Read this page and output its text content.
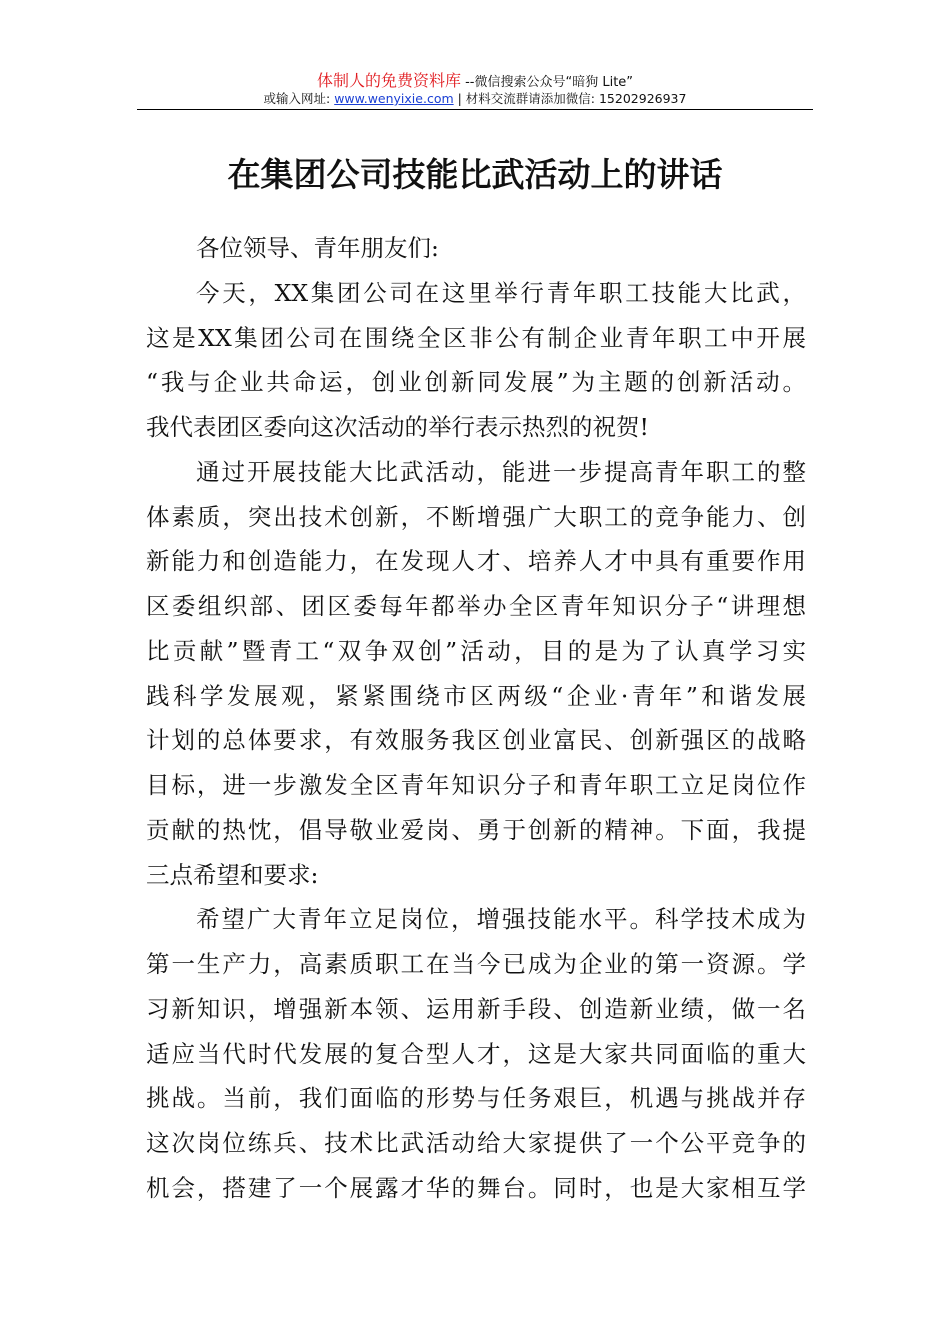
体制人的免费资料库 --微信搜索公众号“暗狗 Lite”
或输入网址: www.wenyixie.com | 材料交流群请添加微信: 15202926937
在集团公司技能比武活动上的讲话
各位领导、青年朋友们:
今天，XX集团公司在这里举行青年职工技能大比武，
这是XX集团公司在围绕全区非公有制企业青年职工中开展
“我与企业共命运，创业创新同发展”为主题的创新活动。
我代表团区委向这次活动的举行表示热烈的祝贺!
通过开展技能大比武活动，能进一步提高青年职工的整
体素质，突出技术创新，不断增强广大职工的竞争能力、创
新能力和创造能力，在发现人才、培养人才中具有重要作用
区委组织部、团区委每年都举办全区青年知识分子“讲理想
比贡献”暨青工“双争双创”活动，目的是为了认真学习实
践科学发展观，紧紧围绕市区两级“企业·青年”和谐发展
计划的总体要求，有效服务我区创业富民、创新强区的战略
目标，进一步激发全区青年知识分子和青年职工立足岗位作
贡献的热忱，倡导敬业爱岗、勇于创新的精神。下面，我提
三点希望和要求:
希望广大青年立足岗位，增强技能水平。科学技术成为
第一生产力，高素质职工在当今已成为企业的第一资源。学
习新知识，增强新本领、运用新手段、创造新业绩，做一名
适应当代时代发展的复合型人才，这是大家共同面临的重大
挑战。当前，我们面临的形势与任务艰巨，机遇与挑战并存
这次岗位练兵、技术比武活动给大家提供了一个公平竞争的
机会，搭建了一个展露才华的舞台。同时，也是大家相互学
